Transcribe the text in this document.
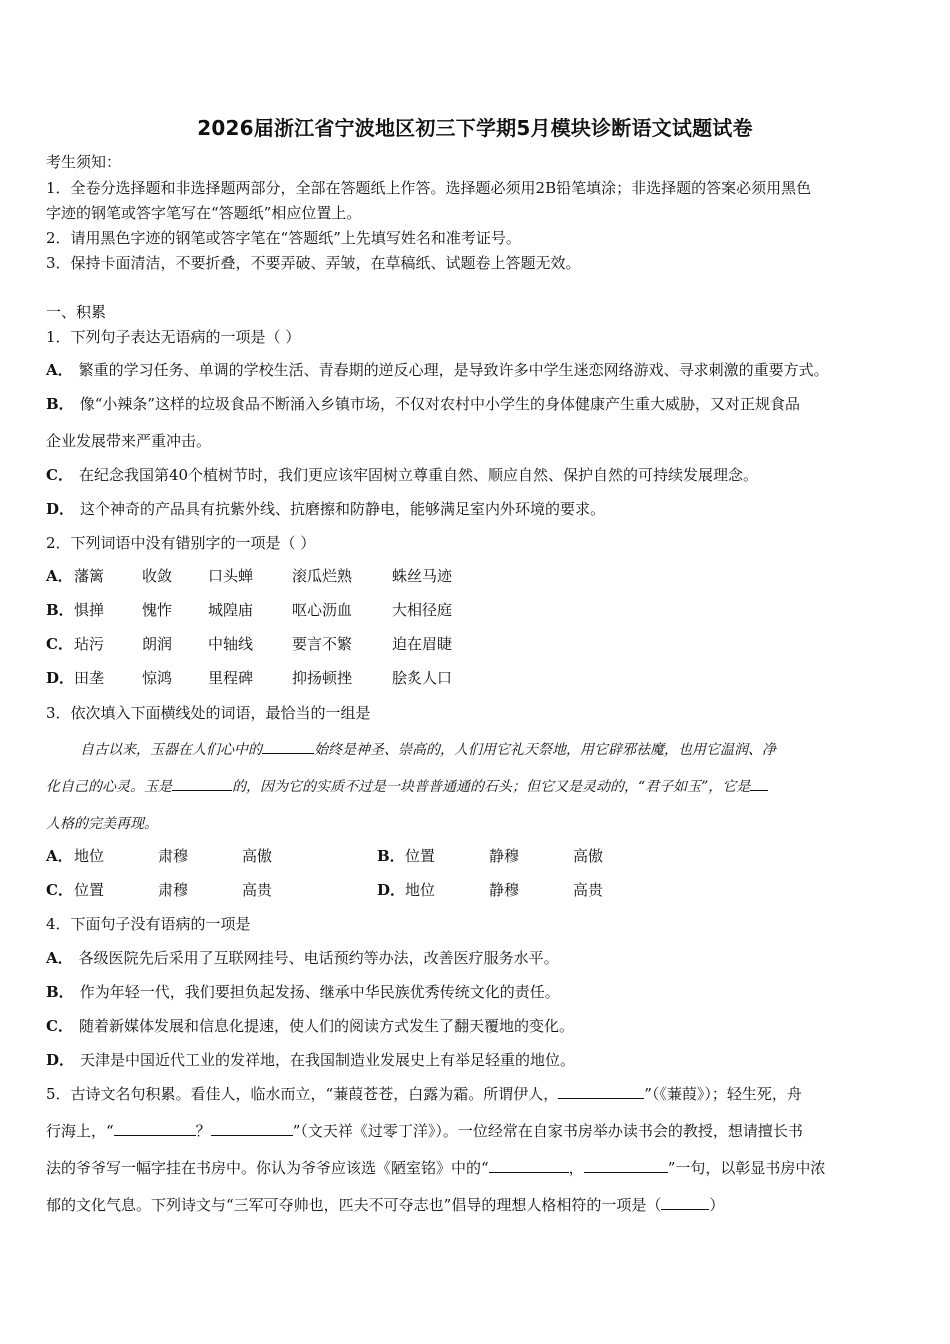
2026届浙江省宁波地区初三下学期5月模块诊断语文试题试卷
考生须知：
1．全卷分选择题和非选择题两部分，全部在答题纸上作答。选择题必须用2B铅笔填涂；非选择题的答案必须用黑色
字迹的钢笔或答字笔写在“答题纸”相应位置上。
2．请用黑色字迹的钢笔或答字笔在“答题纸”上先填写姓名和准考证号。
3．保持卡面清洁，不要折叠，不要弄破、弄皱，在草稿纸、试题卷上答题无效。
一、积累
1．下列句子表达无语病的一项是（ ）
A． 繁重的学习任务、单调的学校生活、青春期的逆反心理，是导致许多中学生迷恋网络游戏、寻求刺激的重要方式。
B． 像“小辣条”这样的垃圾食品不断涌入乡镇市场，不仅对农村中小学生的身体健康产生重大威胁，又对正规食品
企业发展带来严重冲击。
C． 在纪念我国第40个植树节时，我们更应该牢固树立尊重自然、顺应自然、保护自然的可持续发展理念。
D． 这个神奇的产品具有抗紫外线、抗磨擦和防静电，能够满足室内外环境的要求。
2．下列词语中没有错别字的一项是（ ）
A． 藩篱	收敛 口头蝉	滚瓜烂熟	蛛丝马迹
B． 惧掸	愧怍 城隍庙	呕心沥血	大相径庭
C． 玷污	朗润 中轴线	要言不繁	迫在眉睫
D． 田垄	惊鸿 里程碑	抑扬顿挫	脍炙人口
3．依次填入下面横线处的词语，最恰当的一组是
自古以来，玉器在人们心中的	始终是神圣、崇高的，人们用它礼天祭地，用它辟邪祛魔，也用它温润、净
化自己的心灵。玉是	的，因为它的实质不过是一块普普通通的石头；但它又是灵动的，“君子如玉”，它是
人格的完美再现。
A． 地位	肃穆	高傲	B． 位置	静穆	高傲
C． 位置	肃穆	高贵	D． 地位	静穆	高贵
4．下面句子没有语病的一项是
A． 各级医院先后采用了互联网挂号、电话预约等办法，改善医疗服务水平。
B． 作为年轻一代，我们要担负起发扬、继承中华民族优秀传统文化的责任。
C． 随着新媒体发展和信息化提速，使人们的阅读方式发生了翻天覆地的变化。
D． 天津是中国近代工业的发祥地，在我国制造业发展史上有举足轻重的地位。
5．古诗文名句积累。看佳人，临水而立，“蒹葭苍苍，白露为霜。所谓伊人，	”（《蒹葭》）；轻生死，舟
行海上，“	？	”（文天祥《过零丁洋》）。一位经常在自家书房举办读书会的教授，想请擅长书
法的爷爷写一幅字挂在书房中。你认为爷爷应该选《陋室铭》中的“	，	”一句，以彰显书房中浓
郁的文化气息。下列诗文与“三军可夺帅也，匹夫不可夺志也”倡导的理想人格相符的一项是（	）
